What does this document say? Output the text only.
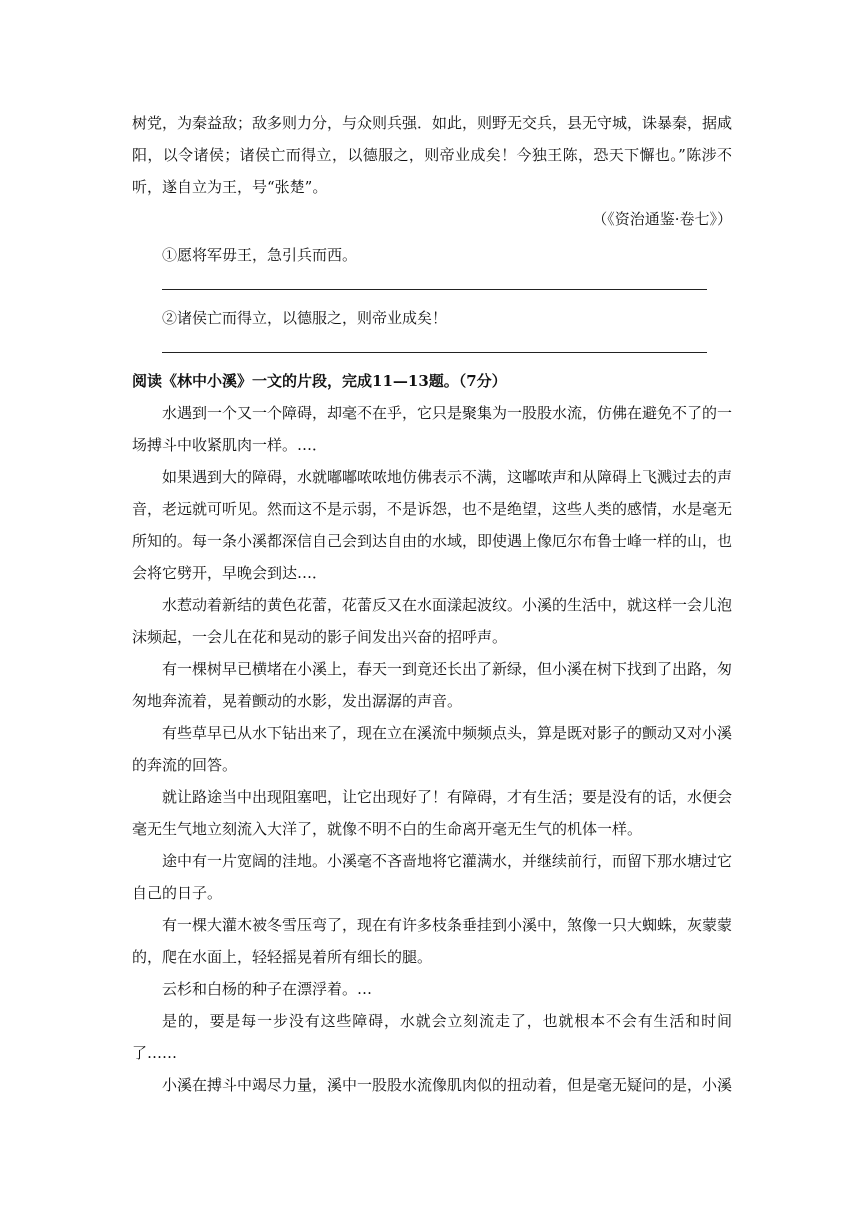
树党，为秦益敌；敌多则力分，与众则兵强．如此，则野无交兵，县无守城，诛暴秦，据咸阳，以令诸侯；诸侯亡而得立，以德服之，则帝业成矣！今独王陈，恐天下懈也。”陈涉不听，遂自立为王，号“张楚”。

（《资治通鉴·卷七》）

①愿将军毋王，急引兵而西。

②诸侯亡而得立，以德服之，则帝业成矣！

阅读《林中小溪》一文的片段，完成11—13题。（7分）

水遇到一个又一个障碍，却毫不在乎，它只是聚集为一股股水流，仿佛在避免不了的一场搏斗中收紧肌肉一样。…．

如果遇到大的障碍，水就嘟嘟哝哝地仿佛表示不满，这嘟哝声和从障碍上飞溅过去的声音，老远就可听见。然而这不是示弱，不是诉怨，也不是绝望，这些人类的感情，水是毫无所知的。每一条小溪都深信自己会到达自由的水域，即使遇上像厄尔布鲁士峰一样的山，也会将它劈开，早晚会到达…．

水惹动着新结的黄色花蕾，花蕾反又在水面漾起波纹。小溪的生活中，就这样一会儿泡沫频起，一会儿在花和晃动的影子间发出兴奋的招呼声。

有一棵树早已横堵在小溪上，春天一到竟还长出了新绿，但小溪在树下找到了出路，匆匆地奔流着，晃着颤动的水影，发出潺潺的声音。

有些草早已从水下钻出来了，现在立在溪流中频频点头，算是既对影子的颤动又对小溪的奔流的回答。

就让路途当中出现阻塞吧，让它出现好了！有障碍，才有生活；要是没有的话，水便会毫无生气地立刻流入大洋了，就像不明不白的生命离开毫无生气的机体一样。

途中有一片宽阔的洼地。小溪毫不吝啬地将它灌满水，并继续前行，而留下那水塘过它自己的日子。

有一棵大灌木被冬雪压弯了，现在有许多枝条垂挂到小溪中，煞像一只大蜘蛛，灰蒙蒙的，爬在水面上，轻轻摇晃着所有细长的腿。

云杉和白杨的种子在漂浮着。…

是的，要是每一步没有这些障碍，水就会立刻流走了，也就根本不会有生活和时间了……

小溪在搏斗中竭尽力量，溪中一股股水流像肌肉似的扭动着，但是毫无疑问的是，小溪
